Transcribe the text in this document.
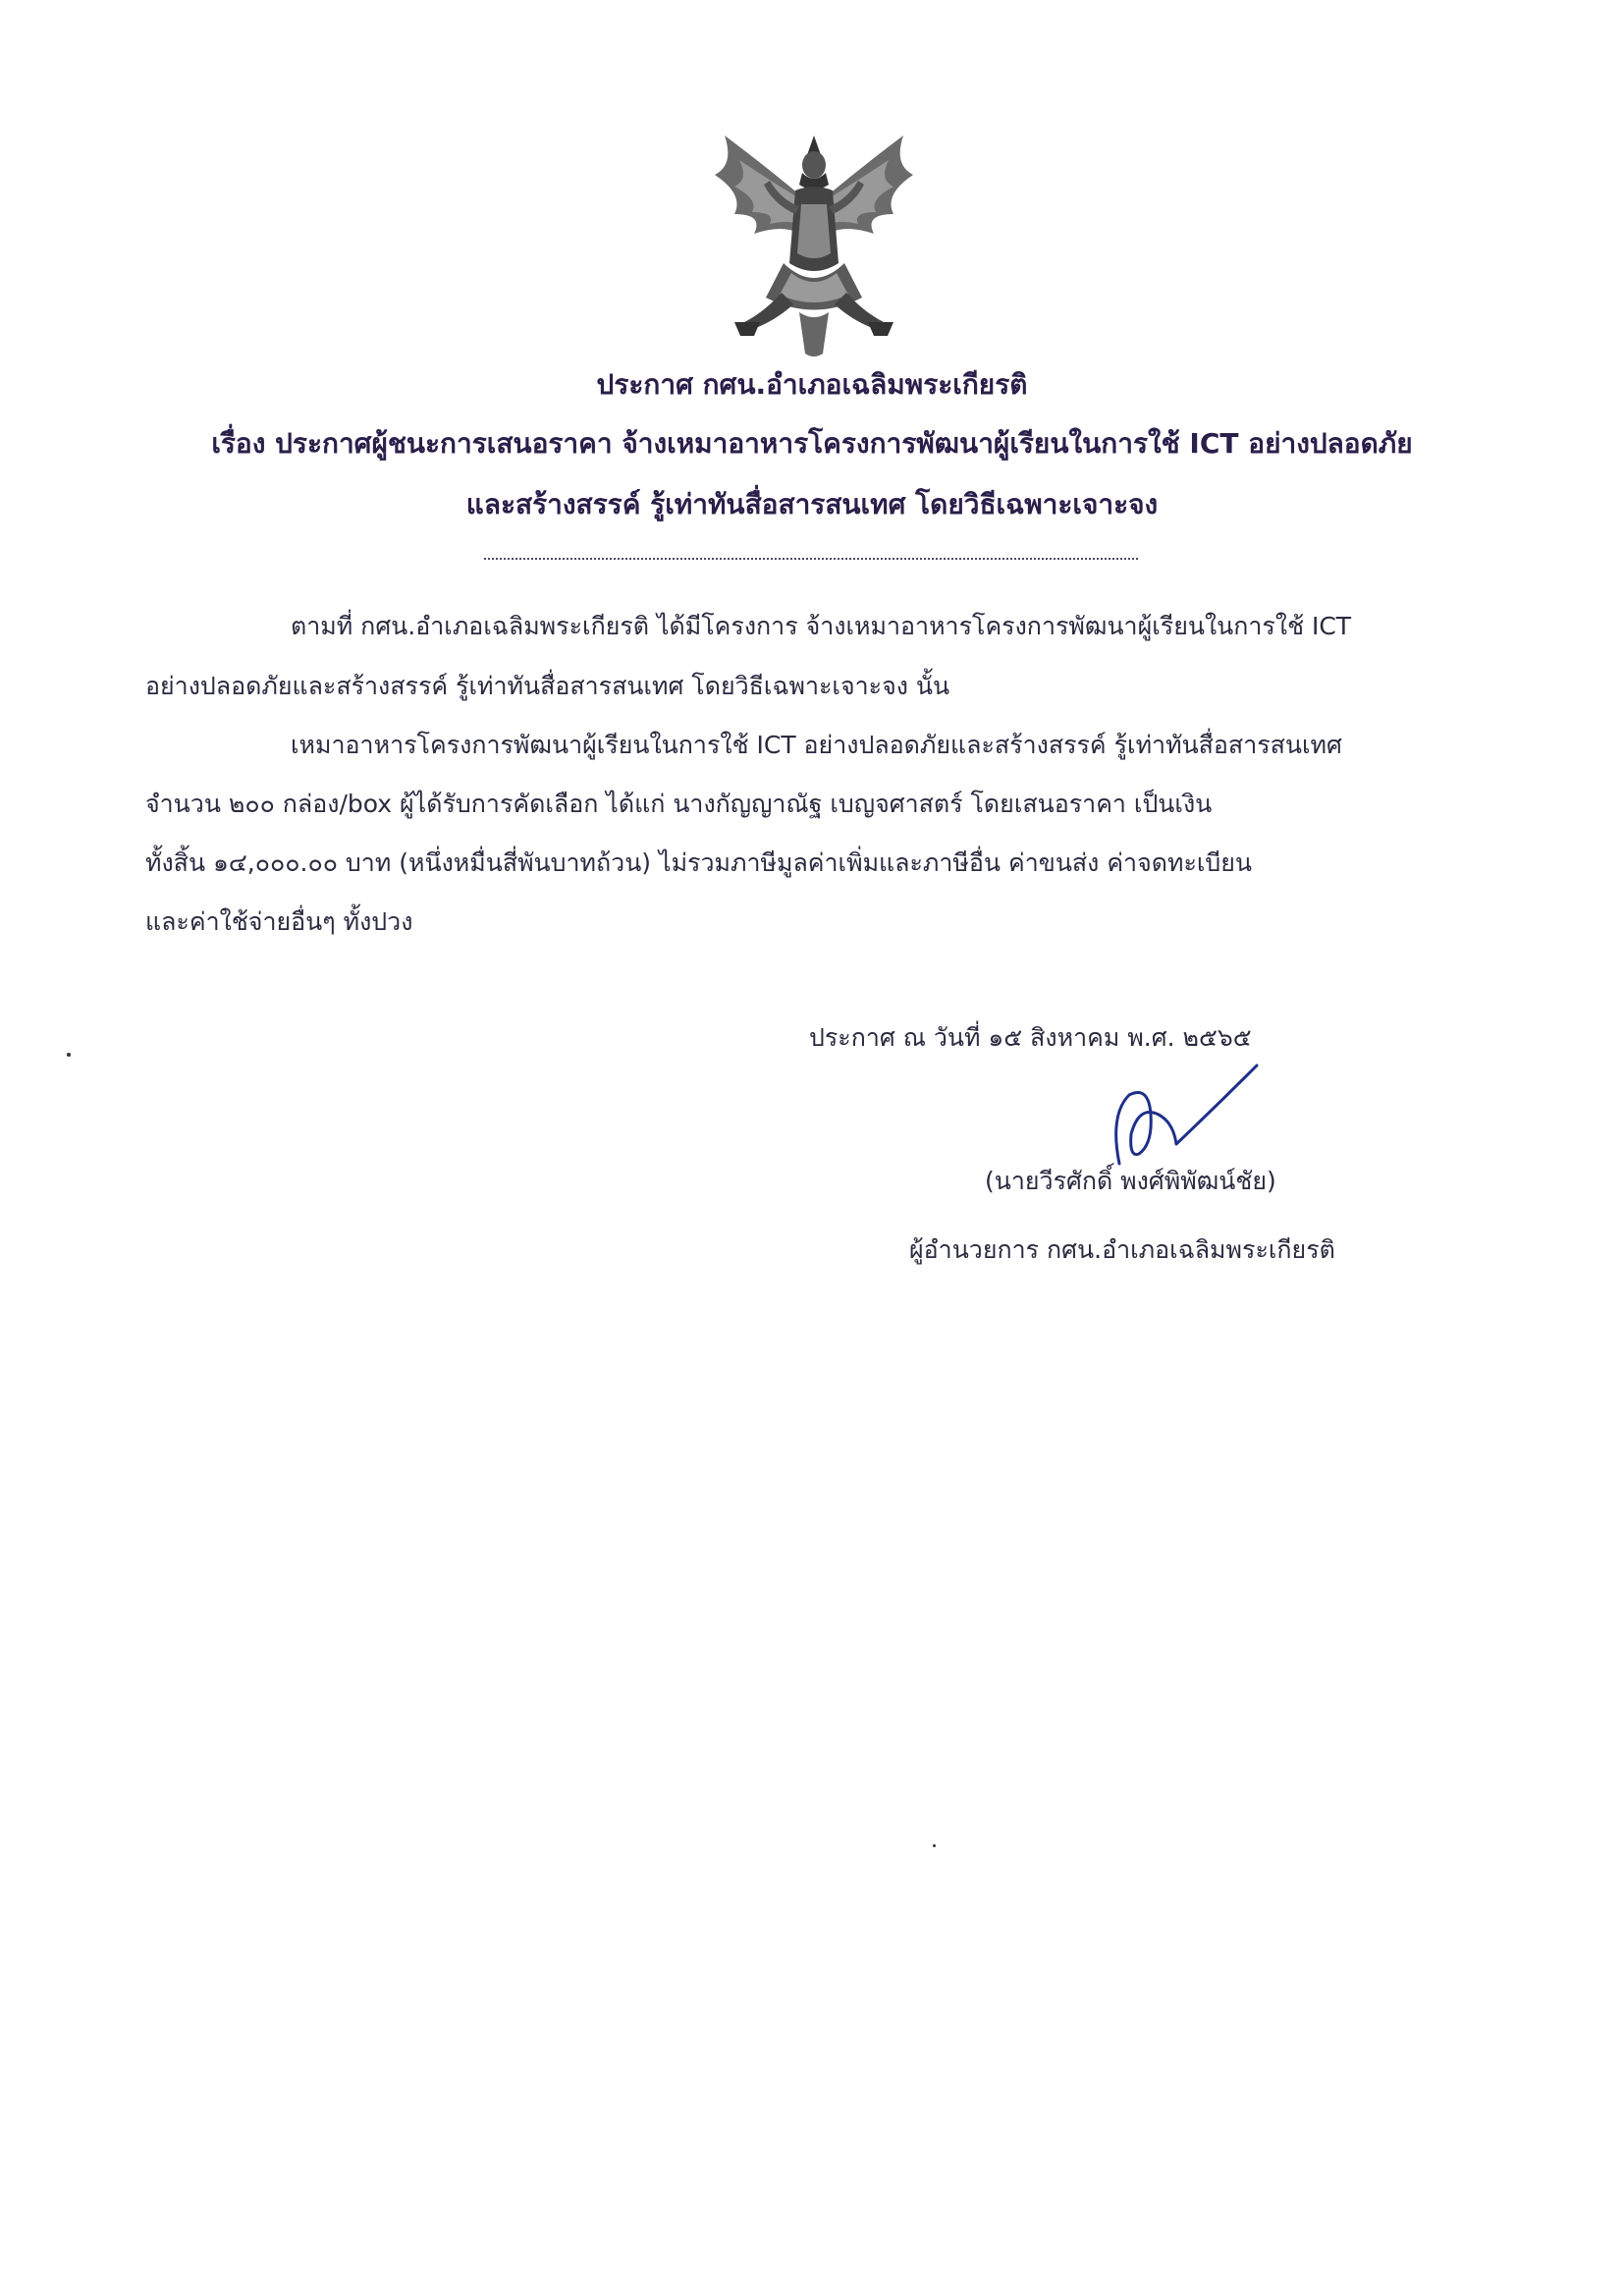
ประกาศ กศน.อำเภอเฉลิมพระเกียรติ
เรื่อง ประกาศผู้ชนะการเสนอราคา จ้างเหมาอาหารโครงการพัฒนาผู้เรียนในการใช้ ICT อย่างปลอดภัย
และสร้างสรรค์ รู้เท่าทันสื่อสารสนเทศ โดยวิธีเฉพาะเจาะจง
ตามที่ กศน.อำเภอเฉลิมพระเกียรติ ได้มีโครงการ จ้างเหมาอาหารโครงการพัฒนาผู้เรียนในการใช้ ICT
อย่างปลอดภัยและสร้างสรรค์ รู้เท่าทันสื่อสารสนเทศ โดยวิธีเฉพาะเจาะจง นั้น
เหมาอาหารโครงการพัฒนาผู้เรียนในการใช้ ICT อย่างปลอดภัยและสร้างสรรค์ รู้เท่าทันสื่อสารสนเทศ
จำนวน ๒๐๐ กล่อง/box ผู้ได้รับการคัดเลือก ได้แก่ นางกัญญาณัฐ เบญจศาสตร์ โดยเสนอราคา เป็นเงิน
ทั้งสิ้น ๑๔,๐๐๐.๐๐ บาท (หนึ่งหมื่นสี่พันบาทถ้วน) ไม่รวมภาษีมูลค่าเพิ่มและภาษีอื่น ค่าขนส่ง ค่าจดทะเบียน
และค่าใช้จ่ายอื่นๆ ทั้งปวง
ประกาศ ณ วันที่ ๑๕ สิงหาคม พ.ศ. ๒๕๖๕
(นายวีรศักดิ์ พงศ์พิพัฒน์ชัย)
ผู้อำนวยการ กศน.อำเภอเฉลิมพระเกียรติ
